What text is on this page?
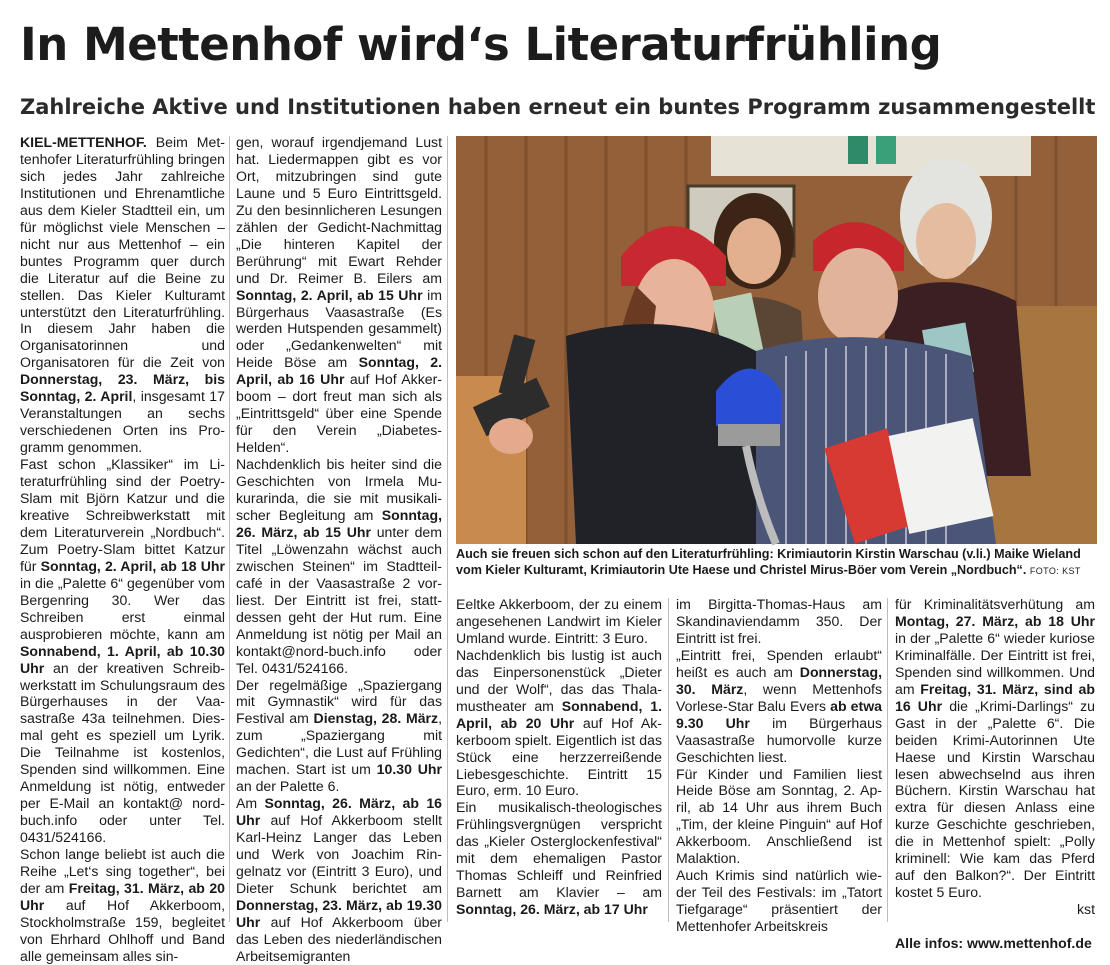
In Mettenhof wird‘s Literaturfrühling
Zahlreiche Aktive und Institutionen haben erneut ein buntes Programm zusammengestellt

KIEL-METTENHOF. Beim Mettenhofer Literaturfrühling bringen sich jedes Jahr zahlreiche Institutionen und Ehrenamtliche aus dem Kieler Stadtteil ein, um für möglichst viele Menschen – nicht nur aus Mettenhof – ein buntes Programm quer durch die Literatur auf die Beine zu stellen. Das Kieler Kulturamt unterstützt den Literaturfrühling. In diesem Jahr haben die Organisatorinnen und Organisatoren für die Zeit von Donnerstag, 23. März, bis Sonntag, 2. April, insgesamt 17 Veranstaltungen an sechs verschiedenen Orten ins Programm genommen.

Fast schon „Klassiker“ im Literaturfrühling sind der Poetry-Slam mit Björn Katzur und die kreative Schreibwerkstatt mit dem Literaturverein „Nordbuch“. Zum Poetry-Slam bittet Katzur für Sonntag, 2. April, ab 18 Uhr in die „Palette 6“ gegenüber vom Bergenring 30. Wer das Schreiben erst einmal ausprobieren möchte, kann am Sonnabend, 1. April, ab 10.30 Uhr an der kreativen Schreibwerkstatt im Schulungsraum des Bürgerhauses in der Vaasastraße 43a teilnehmen. Diesmal geht es speziell um Lyrik. Die Teilnahme ist kostenlos, Spenden sind willkommen. Eine Anmeldung ist nötig, entweder per E-Mail an kontakt@ nord-buch.info oder unter Tel. 0431/524166.

Schon lange beliebt ist auch die Reihe „Let‘s sing together“, bei der am Freitag, 31. März, ab 20 Uhr auf Hof Akkerboom, Stockholmstraße 159, begleitet von Ehrhard Ohlhoff und Band alle gemeinsam alles sin-

gen, worauf irgendjemand Lust hat. Liedermappen gibt es vor Ort, mitzubringen sind gute Laune und 5 Euro Eintrittsgeld. Zu den besinnlicheren Lesungen zählen der Gedicht-Nachmittag „Die hinteren Kapitel der Berührung“ mit Ewart Rehder und Dr. Reimer B. Eilers am Sonntag, 2. April, ab 15 Uhr im Bürgerhaus Vaasastraße (Es werden Hutspenden gesammelt) oder „Gedankenwelten“ mit Heide Böse am Sonntag, 2. April, ab 16 Uhr auf Hof Akkerboom – dort freut man sich als „Eintrittsgeld“ über eine Spende für den Verein „Diabetes-Helden“.

Nachdenklich bis heiter sind die Geschichten von Irmela Mukurarinda, die sie mit musikalischer Begleitung am Sonntag, 26. März, ab 15 Uhr unter dem Titel „Löwenzahn wächst auch zwischen Steinen“ im Stadtteilcafé in der Vaasastraße 2 vorliest. Der Eintritt ist frei, stattdessen geht der Hut rum. Eine Anmeldung ist nötig per Mail an kontakt@nord-buch.info oder Tel. 0431/524166.

Der regelmäßige „Spaziergang mit Gymnastik“ wird für das Festival am Dienstag, 28. März, zum „Spaziergang mit Gedichten“, die Lust auf Frühling machen. Start ist um 10.30 Uhr an der Palette 6.

Am Sonntag, 26. März, ab 16 Uhr auf Hof Akkerboom stellt Karl-Heinz Langer das Leben und Werk von Joachim Ringelnatz vor (Eintritt 3 Euro), und Dieter Schunk berichtet am Donnerstag, 23. März, ab 19.30 Uhr auf Hof Akkerboom über das Leben des niederländischen Arbeitsemigranten

Auch sie freuen sich schon auf den Literaturfrühling: Krimiautorin Kirstin Warschau (v.li.) Maike Wieland vom Kieler Kulturamt, Krimiautorin Ute Haese und Christel Mirus-Böer vom Verein „Nordbuch“. FOTO: KST

Eeltke Akkerboom, der zu einem angesehenen Landwirt im Kieler Umland wurde. Eintritt: 3 Euro.

Nachdenklich bis lustig ist auch das Einpersonenstück „Dieter und der Wolf“, das das Thalamustheater am Sonnabend, 1. April, ab 20 Uhr auf Hof Akkerboom spielt. Eigentlich ist das Stück eine herzzerreißende Liebesgeschichte. Eintritt 15 Euro, erm. 10 Euro.

Ein musikalisch-theologisches Frühlingsvergnügen verspricht das „Kieler Osterglockenfestival“ mit dem ehemaligen Pastor Thomas Schleiff und Reinfried Barnett am Klavier – am Sonntag, 26. März, ab 17 Uhr

im Birgitta-Thomas-Haus am Skandinaviendamm 350. Der Eintritt ist frei.

„Eintritt frei, Spenden erlaubt“ heißt es auch am Donnerstag, 30. März, wenn Mettenhofs Vorlese-Star Balu Evers ab etwa 9.30 Uhr im Bürgerhaus Vaasastraße humorvolle kurze Geschichten liest.

Für Kinder und Familien liest Heide Böse am Sonntag, 2. April, ab 14 Uhr aus ihrem Buch „Tim, der kleine Pinguin“ auf Hof Akkerboom. Anschließend ist Malaktion.

Auch Krimis sind natürlich wieder Teil des Festivals: im „Tatort Tiefgarage“ präsentiert der Mettenhofer Arbeitskreis

für Kriminalitätsverhütung am Montag, 27. März, ab 18 Uhr in der „Palette 6“ wieder kuriose Kriminalfälle. Der Eintritt ist frei, Spenden sind willkommen. Und am Freitag, 31. März, sind ab 16 Uhr die „Krimi-Darlings“ zu Gast in der „Palette 6“. Die beiden Krimi-Autorinnen Ute Haese und Kirstin Warschau lesen abwechselnd aus ihren Büchern. Kirstin Warschau hat extra für diesen Anlass eine kurze Geschichte geschrieben, die in Mettenhof spielt: „Polly kriminell: Wie kam das Pferd auf den Balkon?“. Der Eintritt kostet 5 Euro.

kst

Alle infos: www.mettenhof.de
